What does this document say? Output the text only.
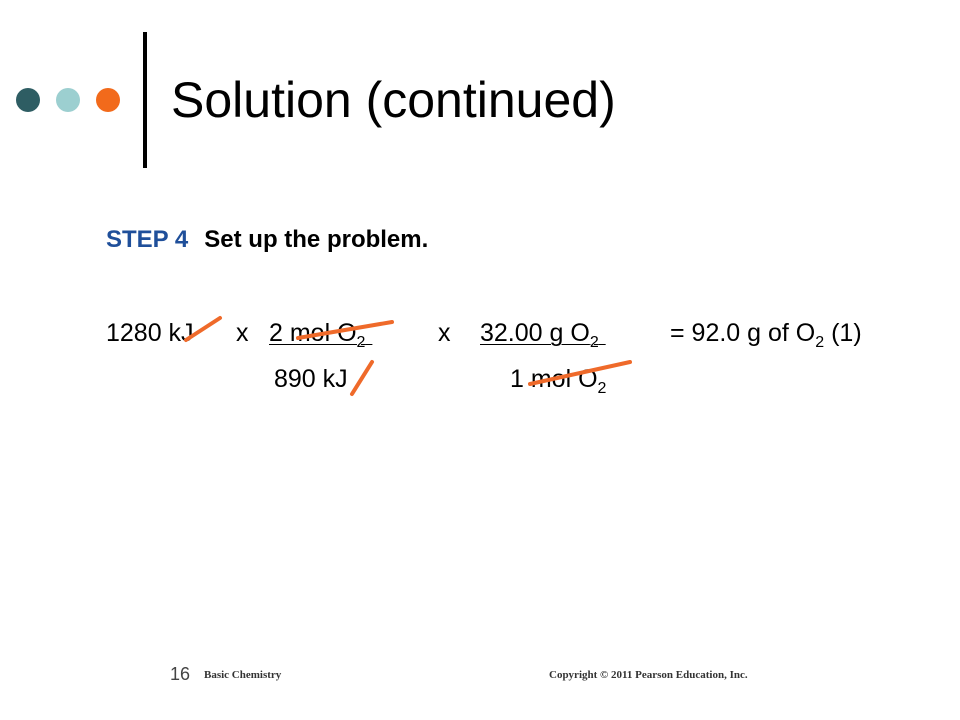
Solution (continued)
STEP 4 Set up the problem.
1280 kJ x 2 mol $O_2$	x 32.00 g $O_2$	= 92.0 g of $O_2$ (1)
890 kJ	1 mol $O_2$
16 Basic Chemistry	Copyright © 2011 Pearson Education, Inc.
